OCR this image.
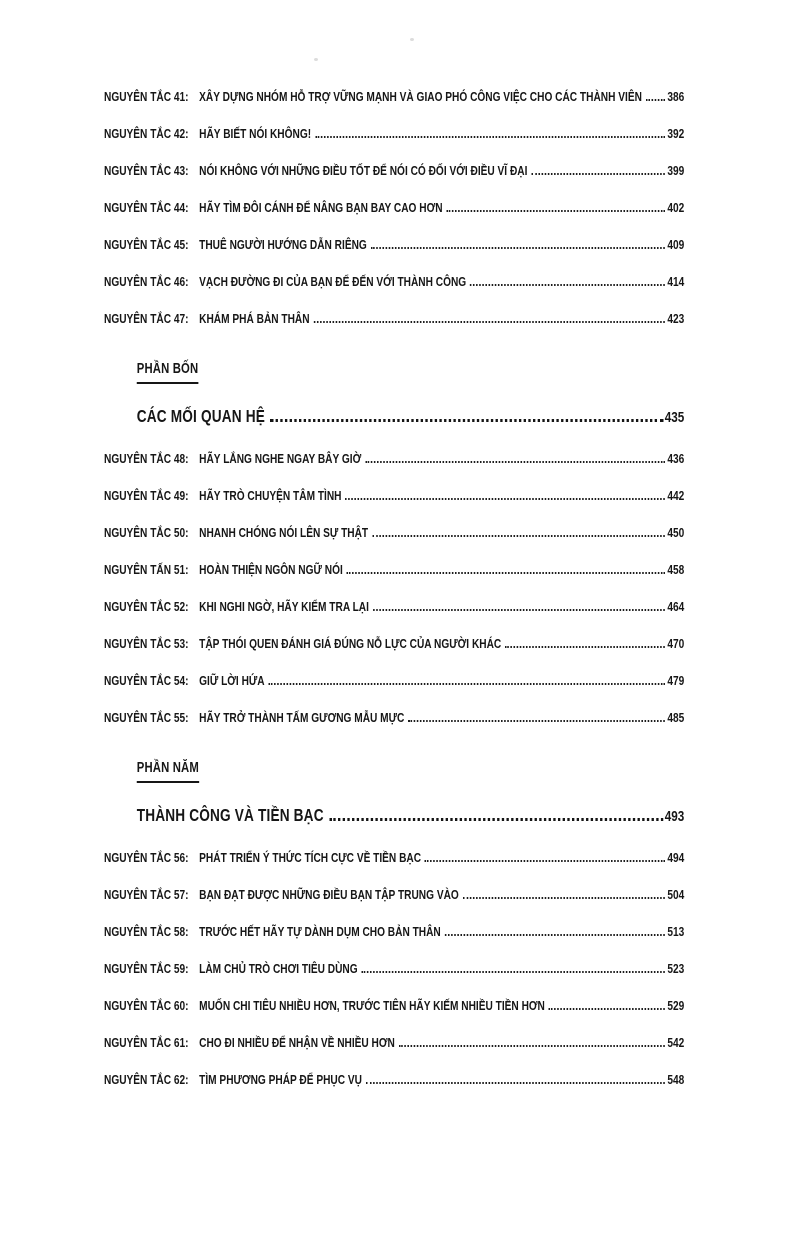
NGUYÊN TẮC 41: XÂY DỰNG NHÓM HỖ TRỢ VỮNG MẠNH VÀ GIAO PHÓ CÔNG VIỆC CHO CÁC THÀNH VIÊN 386
NGUYÊN TẮC 42: HÃY BIẾT NÓI KHÔNG!	392
NGUYÊN TẮC 43: NÓI KHÔNG VỚI NHỮNG ĐIỀU TỐT ĐỂ NÓI CÓ ĐỐI VỚI ĐIỀU VĨ ĐẠI	399
NGUYÊN TẮC 44: HÃY TÌM ĐÔI CÁNH ĐỂ NÂNG BẠN BAY CAO HƠN	402
NGUYÊN TẮC 45: THUÊ NGƯỜI HƯỚNG DẪN RIÊNG	409
NGUYÊN TẮC 46: VẠCH ĐƯỜNG ĐI CỦA BẠN ĐỂ ĐẾN VỚI THÀNH CÔNG	414
NGUYÊN TẮC 47: KHÁM PHÁ BẢN THÂN	423
PHẦN BỐN
CÁC MỐI QUAN HỆ	435
NGUYÊN TẮC 48: HÃY LẮNG NGHE NGAY BÂY GIỜ	436
NGUYÊN TẮC 49: HÃY TRÒ CHUYỆN TÂM TÌNH	442
NGUYÊN TẮC 50: NHANH CHÓNG NÓI LÊN SỰ THẬT	450
NGUYÊN TẤN 51: HOÀN THIỆN NGÔN NGỮ NÓI	458
NGUYÊN TẮC 52: KHI NGHI NGỜ, HÃY KIỂM TRA LẠI	464
NGUYÊN TẮC 53: TẬP THÓI QUEN ĐÁNH GIÁ ĐÚNG NỖ LỰC CỦA NGƯỜI KHÁC	470
NGUYÊN TẮC 54: GIỮ LỜI HỨA	479
NGUYÊN TẮC 55: HÃY TRỞ THÀNH TẤM GƯƠNG MẪU MỰC	485
PHẦN NĂM
THÀNH CÔNG VÀ TIỀN BẠC	493
NGUYÊN TẮC 56: PHÁT TRIỂN Ý THỨC TÍCH CỰC VỀ TIỀN BẠC	494
NGUYÊN TẮC 57: BẠN ĐẠT ĐƯỢC NHỮNG ĐIỀU BẠN TẬP TRUNG VÀO	504
NGUYÊN TẮC 58: TRƯỚC HẾT HÃY TỰ DÀNH DỤM CHO BẢN THÂN	513
NGUYÊN TẮC 59: LÀM CHỦ TRÒ CHƠI TIÊU DÙNG	523
NGUYÊN TẮC 60: MUỐN CHI TIÊU NHIỀU HƠN, TRƯỚC TIÊN HÃY KIẾM NHIỀU TIỀN HƠN	529
NGUYÊN TẮC 61: CHO ĐI NHIỀU ĐỂ NHẬN VỀ NHIỀU HƠN	542
NGUYÊN TẮC 62: TÌM PHƯƠNG PHÁP ĐỂ PHỤC VỤ	548
